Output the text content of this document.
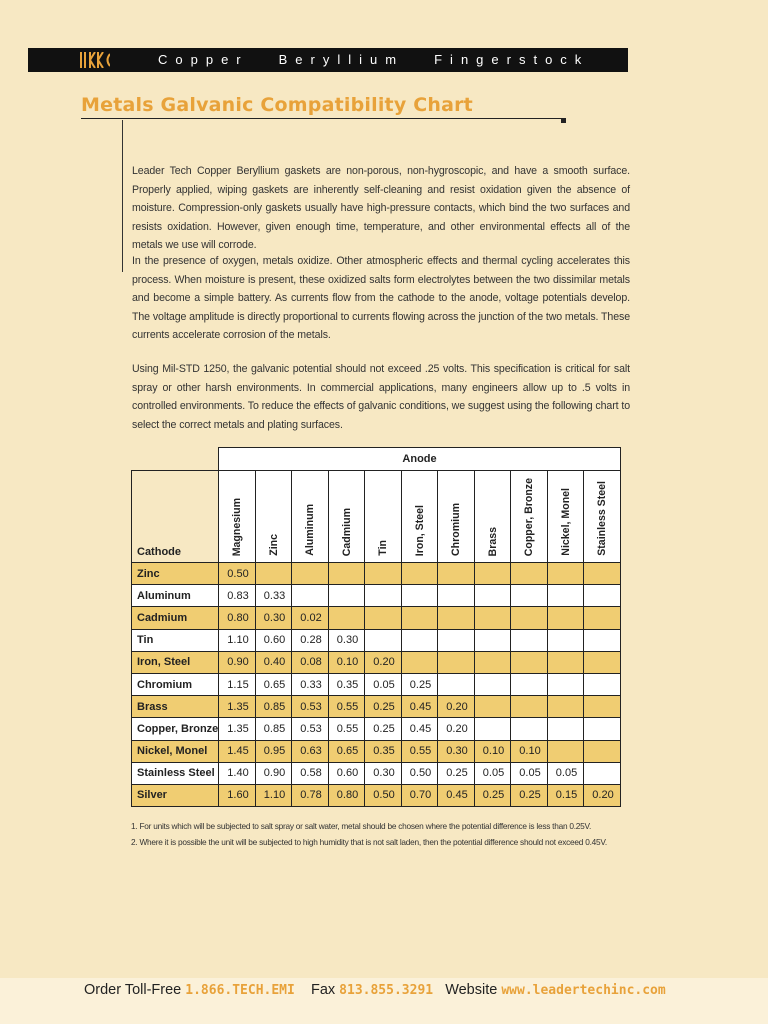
Copper Beryllium Fingerstock
Metals Galvanic Compatibility Chart
Leader Tech Copper Beryllium gaskets are non-porous, non-hygroscopic, and have a smooth surface. Properly applied, wiping gaskets are inherently self-cleaning and resist oxidation given the absence of moisture. Compression-only gaskets usually have high-pressure contacts, which bind the two surfaces and resists oxidation. However, given enough time, temperature, and other environmental effects all of the metals we use will corrode.
In the presence of oxygen, metals oxidize. Other atmospheric effects and thermal cycling accelerates this process. When moisture is present, these oxidized salts form electrolytes between the two dissimilar metals and become a simple battery. As currents flow from the cathode to the anode, voltage potentials develop. The voltage amplitude is directly proportional to currents flowing across the junction of the two metals. These currents accelerate corrosion of the metals.
Using Mil-STD 1250, the galvanic potential should not exceed .25 volts. This specification is critical for salt spray or other harsh environments. In commercial applications, many engineers allow up to .5 volts in controlled environments. To reduce the effects of galvanic conditions, we suggest using the following chart to select the correct metals and plating surfaces.
	Anode										
Cathode	Magnesium	Zinc	Aluminum	Cadmium	Tin	Iron, Steel	Chromium	Brass	Copper, Bronze	Nickel, Monel	Stainless Steel

Zinc	0.50										
Aluminum	0.83	0.33									
Cadmium	0.80	0.30	0.02								
Tin	1.10	0.60	0.28	0.30							
Iron, Steel	0.90	0.40	0.08	0.10	0.20						
Chromium	1.15	0.65	0.33	0.35	0.05	0.25					
Brass	1.35	0.85	0.53	0.55	0.25	0.45	0.20				
Copper, Bronze	1.35	0.85	0.53	0.55	0.25	0.45	0.20				
Nickel, Monel	1.45	0.95	0.63	0.65	0.35	0.55	0.30	0.10	0.10		
Stainless Steel	1.40	0.90	0.58	0.60	0.30	0.50	0.25	0.05	0.05	0.05	
Silver	1.60	1.10	0.78	0.80	0.50	0.70	0.45	0.25	0.25	0.15	0.20
1. For units which will be subjected to salt spray or salt water, metal should be chosen where the potential difference is less than 0.25V.
2. Where it is possible the unit will be subjected to high humidity that is not salt laden, then the potential difference should not exceed 0.45V.
Order Toll-Free 1.866.TECH.EMI Fax 813.855.3291 Website www.leadertechinc.com
